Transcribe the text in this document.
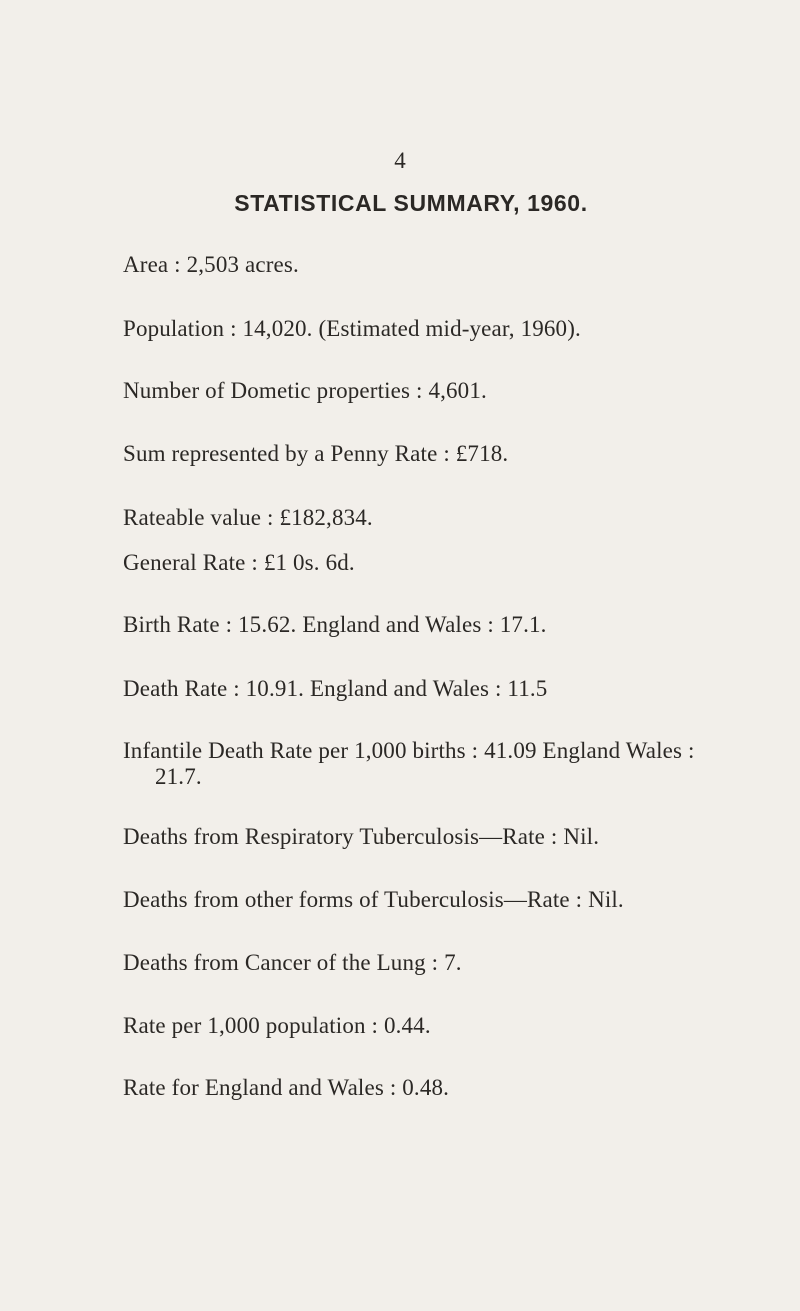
4
STATISTICAL SUMMARY, 1960.
Area : 2,503 acres.
Population : 14,020. (Estimated mid-year, 1960).
Number of Dometic properties : 4,601.
Sum represented by a Penny Rate : £718.
Rateable value : £182,834.
General Rate : £1 0s. 6d.
Birth Rate : 15.62. England and Wales : 17.1.
Death Rate : 10.91. England and Wales : 11.5
Infantile Death Rate per 1,000 births : 41.09 England Wales :
21.7.
Deaths from Respiratory Tuberculosis—Rate : Nil.
Deaths from other forms of Tuberculosis—Rate : Nil.
Deaths from Cancer of the Lung : 7.
Rate per 1,000 population : 0.44.
Rate for England and Wales : 0.48.
